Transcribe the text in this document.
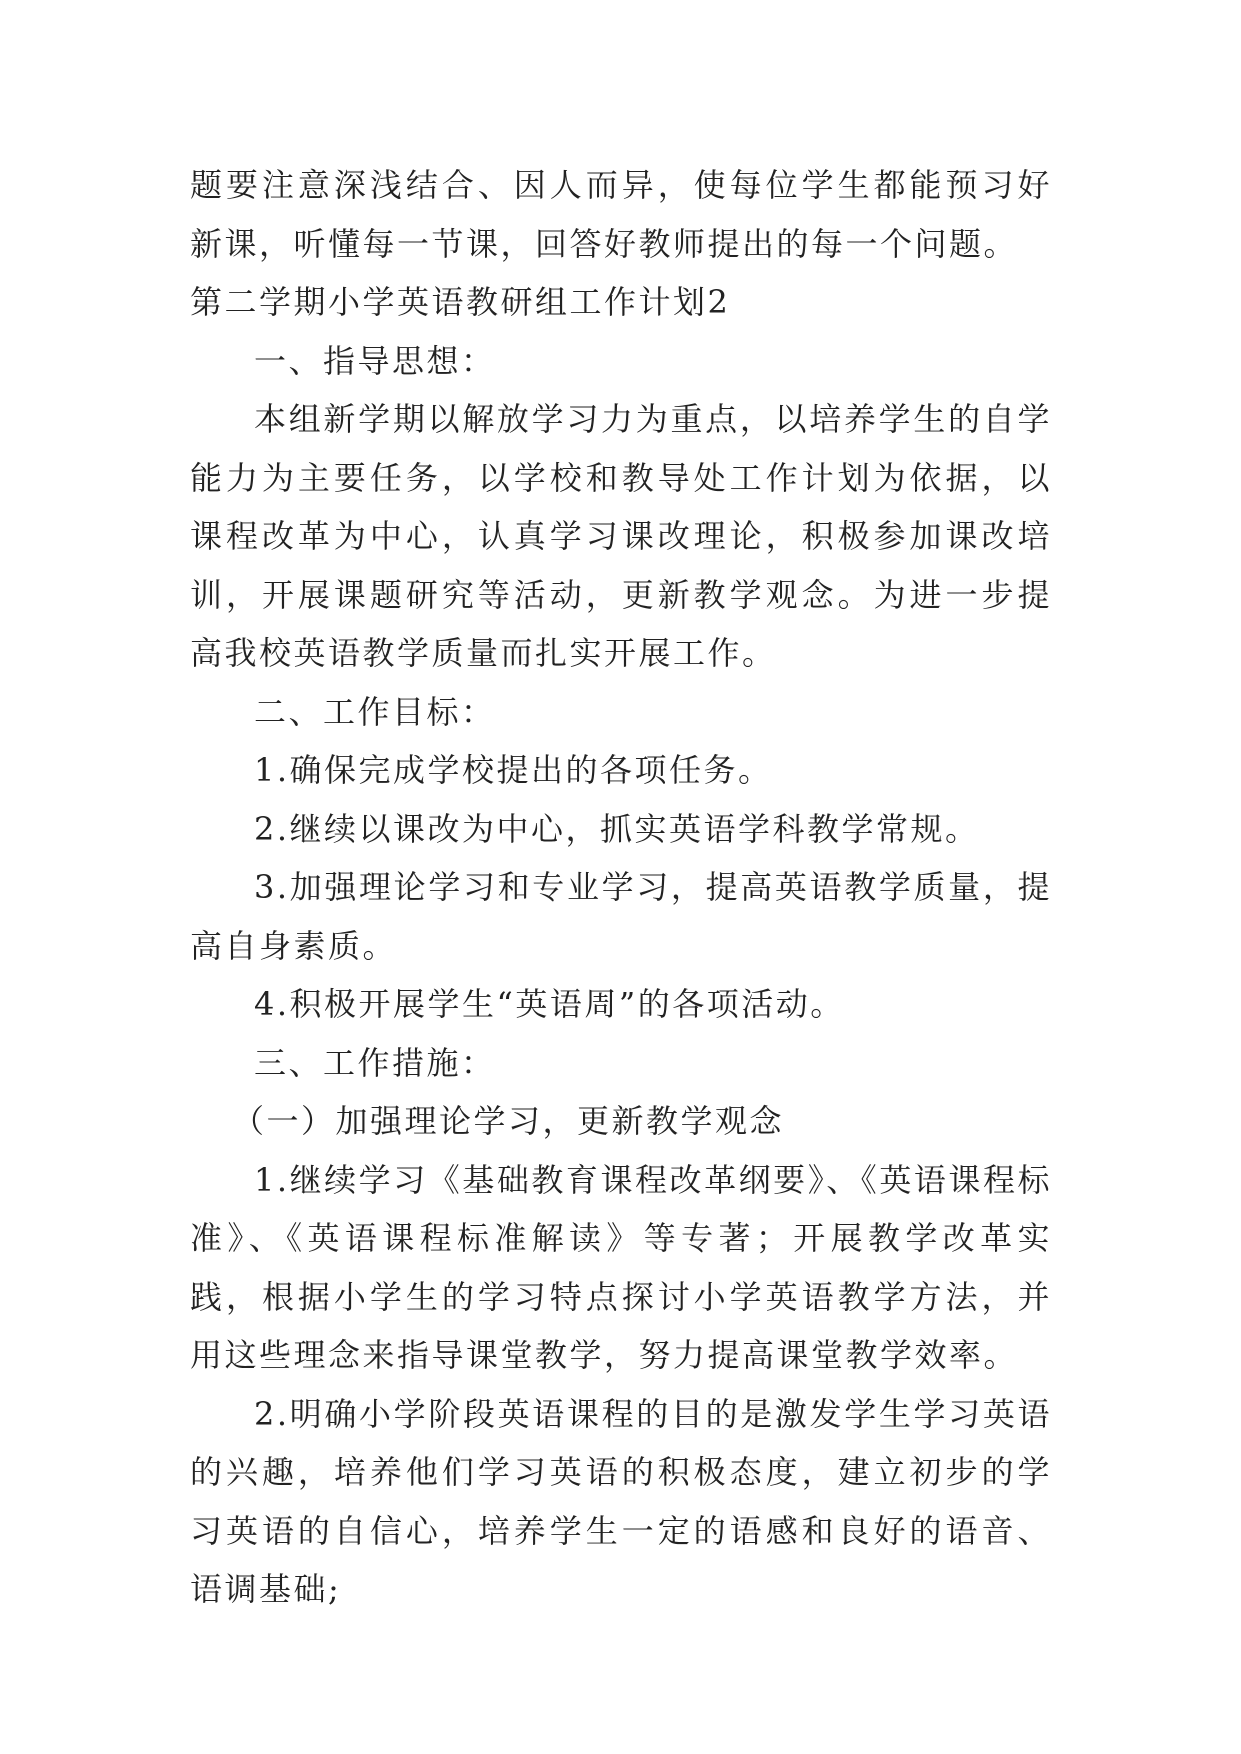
题要注意深浅结合、因人而异，使每位学生都能预习好新课，听懂每一节课，回答好教师提出的每一个问题。

第二学期小学英语教研组工作计划2

一、指导思想：

本组新学期以解放学习力为重点，以培养学生的自学能力为主要任务，以学校和教导处工作计划为依据，以课程改革为中心，认真学习课改理论，积极参加课改培训，开展课题研究等活动，更新教学观念。为进一步提高我校英语教学质量而扎实开展工作。

二、工作目标：

1.确保完成学校提出的各项任务。

2.继续以课改为中心，抓实英语学科教学常规。

3.加强理论学习和专业学习，提高英语教学质量，提高自身素质。

4.积极开展学生“英语周”的各项活动。

三、工作措施：

（一）加强理论学习，更新教学观念

1.继续学习《基础教育课程改革纲要》、《英语课程标准》、《英语课程标准解读》等专著；开展教学改革实践，根据小学生的学习特点探讨小学英语教学方法，并用这些理念来指导课堂教学，努力提高课堂教学效率。

2.明确小学阶段英语课程的目的是激发学生学习英语的兴趣，培养他们学习英语的积极态度，建立初步的学习英语的自信心，培养学生一定的语感和良好的语音、语调基础;
